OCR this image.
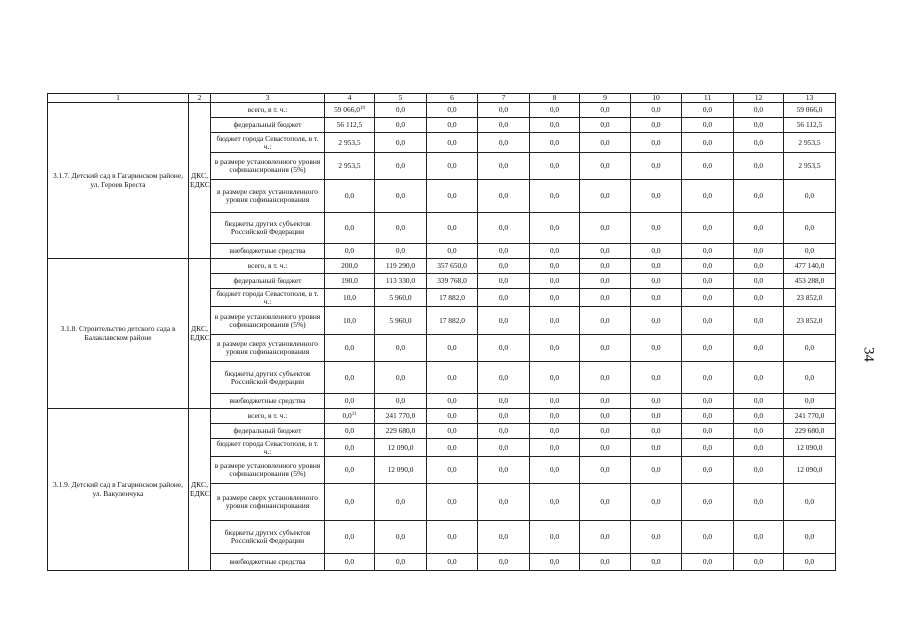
1	2	3	4	5	6	7	8	9	10	11	12	13
3.1.7. Детский сад в Гагаринском районе, ул. Героев Бреста	ДКС, ЕДКС	всего, в т. ч.:	59 066,0$^{10}$	0,0	0,0	0,0	0,0	0,0	0,0	0,0	0,0	59 066,0
		федеральный бюджет	56 112,5	0,0	0,0	0,0	0,0	0,0	0,0	0,0	0,0	56 112,5
		бюджет города Севастополя, в т. ч.:	2 953,5	0,0	0,0	0,0	0,0	0,0	0,0	0,0	0,0	2 953,5
		в размере установленного уровня софинансирования (5%)	2 953,5	0,0	0,0	0,0	0,0	0,0	0,0	0,0	0,0	2 953,5
		в размере сверх установленного уровня софинансирования	0,0	0,0	0,0	0,0	0,0	0,0	0,0	0,0	0,0	0,0
		бюджеты других субъектов Российской Федерации	0,0	0,0	0,0	0,0	0,0	0,0	0,0	0,0	0,0	0,0
		внебюджетные средства	0,0	0,0	0,0	0,0	0,0	0,0	0,0	0,0	0,0	0,0
3.1.8. Строительство детского сада в Балаклавском районе	ДКС, ЕДКС	всего, в т. ч.:	200,0	119 290,0	357 650,0	0,0	0,0	0,0	0,0	0,0	0,0	477 140,0
		федеральный бюджет	190,0	113 330,0	339 768,0	0,0	0,0	0,0	0,0	0,0	0,0	453 288,0
		бюджет города Севастополя, в т. ч.:	10,0	5 960,0	17 882,0	0,0	0,0	0,0	0,0	0,0	0,0	23 852,0
		в размере установленного уровня софинансирования (5%)	10,0	5 960,0	17 882,0	0,0	0,0	0,0	0,0	0,0	0,0	23 852,0
		в размере сверх установленного уровня софинансирования	0,0	0,0	0,0	0,0	0,0	0,0	0,0	0,0	0,0	0,0
		бюджеты других субъектов Российской Федерации	0,0	0,0	0,0	0,0	0,0	0,0	0,0	0,0	0,0	0,0
		внебюджетные средства	0,0	0,0	0,0	0,0	0,0	0,0	0,0	0,0	0,0	0,0
3.1.9. Детский сад в Гагаринском районе, ул. Вакуленчука	ДКС, ЕДКС	всего, в т. ч.:	$0,0^{11}$	241 770,0	0,0	0,0	0,0	0,0	0,0	0,0	0,0	241 770,0
		федеральный бюджет	0,0	229 680,0	0,0	0,0	0,0	0,0	0,0	0,0	0,0	229 680,0
		бюджет города Севастополя, в т. ч.:	0,0	12 090,0	0,0	0,0	0,0	0,0	0,0	0,0	0,0	12 090,0
		в размере установленного уровня софинансирования (5%)	0,0	12 090,0	0,0	0,0	0,0	0,0	0,0	0,0	0,0	12 090,0
		в размере сверх установленного уровня софинансирования	0,0	0,0	0,0	0,0	0,0	0,0	0,0	0,0	0,0	0,0
		бюджеты других субъектов Российской Федерации	0,0	0,0	0,0	0,0	0,0	0,0	0,0	0,0	0,0	0,0
		внебюджетные средства	0,0	0,0	0,0	0,0	0,0	0,0	0,0	0,0	0,0	0,0
34
